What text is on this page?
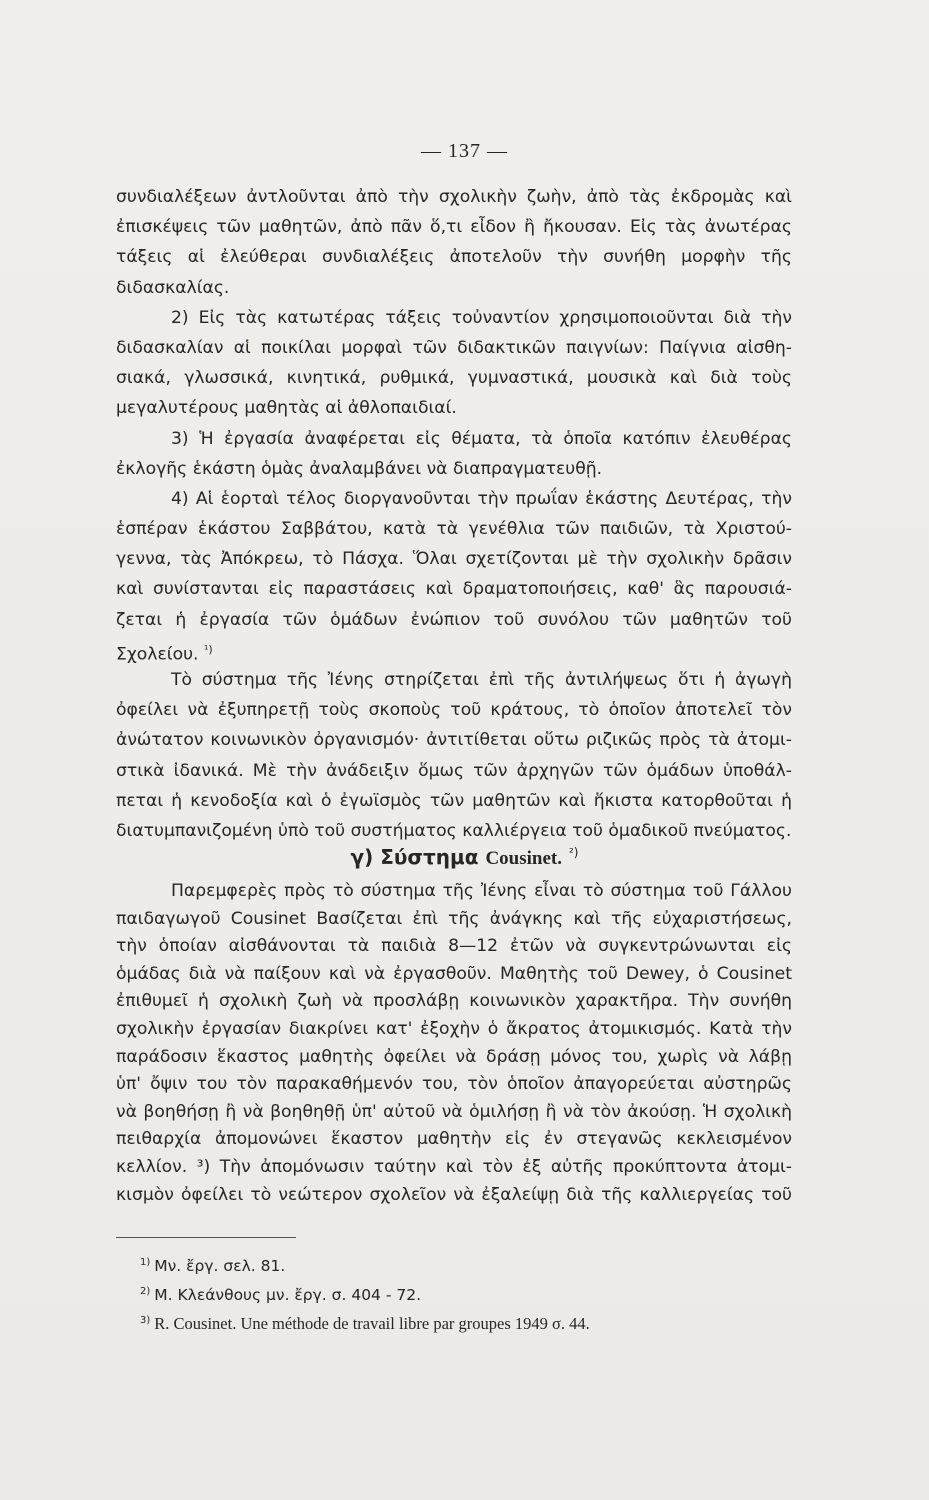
— 137 —
συνδιαλέξεων ἀντλοῦνται ἀπὸ τὴν σχολικὴν ζωὴν, ἀπὸ τὰς ἐκδρομὰς καὶ
ἐπισκέψεις τῶν μαθητῶν, ἀπὸ πᾶν ὅ,τι εἶδον ἢ ἤκουσαν. Εἰς τὰς ἀνωτέρας
τάξεις αἱ ἐλεύθεραι συνδιαλέξεις ἀποτελοῦν τὴν συνήθη μορφὴν τῆς
διδασκαλίας.
2) Εἰς τὰς κατωτέρας τάξεις τοὐναντίον χρησιμοποιοῦνται διὰ τὴν
διδασκαλίαν αἱ ποικίλαι μορφαὶ τῶν διδακτικῶν παιγνίων: Παίγνια αἰσθη-
σιακά, γλωσσικά, κινητικά, ρυθμικά, γυμναστικά, μουσικὰ καὶ διὰ τοὺς
μεγαλυτέρους μαθητὰς αἱ ἀθλοπαιδιαί.
3) Ἡ ἐργασία ἀναφέρεται εἰς θέματα, τὰ ὁποῖα κατόπιν ἐλευθέρας
ἐκλογῆς ἑκάστη ὁμὰς ἀναλαμβάνει νὰ διαπραγματευθῇ.
4) Αἱ ἑορταὶ τέλος διοργανοῦνται τὴν πρωΐαν ἑκάστης Δευτέρας, τὴν
ἑσπέραν ἑκάστου Σαββάτου, κατὰ τὰ γενέθλια τῶν παιδιῶν, τὰ Χριστού-
γεννα, τὰς Ἀπόκρεω, τὸ Πάσχα. Ὅλαι σχετίζονται μὲ τὴν σχολικὴν δρᾶσιν
καὶ συνίστανται εἰς παραστάσεις καὶ δραματοποιήσεις, καθ' ἃς παρουσιά-
ζεται ἡ ἐργασία τῶν ὁμάδων ἐνώπιον τοῦ συνόλου τῶν μαθητῶν τοῦ
Σχολείου. $^{^1)}$
Τὸ σύστημα τῆς Ἰένης στηρίζεται ἐπὶ τῆς ἀντιλήψεως ὅτι ἡ ἀγωγὴ
ὀφείλει νὰ ἐξυπηρετῇ τοὺς σκοποὺς τοῦ κράτους, τὸ ὁποῖον ἀποτελεῖ τὸν
ἀνώτατον κοινωνικὸν ὀργανισμόν· ἀντιτίθεται οὕτω ριζικῶς πρὸς τὰ ἀτομι-
στικὰ ἰδανικά. Μὲ τὴν ἀνάδειξιν ὅμως τῶν ἀρχηγῶν τῶν ὁμάδων ὑποθάλ-
πεται ἡ κενοδοξία καὶ ὁ ἐγωϊσμὸς τῶν μαθητῶν καὶ ἥκιστα κατορθοῦται ἡ
διατυμπανιζομένη ὑπὸ τοῦ συστήματος καλλιέργεια τοῦ ὁμαδικοῦ πνεύματος.
γ) Σύστημα Cousinet. $^{^2)}$
Παρεμφερὲς πρὸς τὸ σύστημα τῆς Ἰένης εἶναι τὸ σύστημα τοῦ Γάλλου
παιδαγωγοῦ Cousinet Βασίζεται ἐπὶ τῆς ἀνάγκης καὶ τῆς εὐχαριστήσεως,
τὴν ὁποίαν αἰσθάνονται τὰ παιδιὰ 8—12 ἐτῶν νὰ συγκεντρώνωνται εἰς
ὁμάδας διὰ νὰ παίξουν καὶ νὰ ἐργασθοῦν. Μαθητὴς τοῦ Dewey, ὁ Cousinet
ἐπιθυμεῖ ἡ σχολικὴ ζωὴ νὰ προσλάβῃ κοινωνικὸν χαρακτῆρα. Τὴν συνήθη
σχολικὴν ἐργασίαν διακρίνει κατ' ἐξοχὴν ὁ ἄκρατος ἀτομικισμός. Κατὰ τὴν
παράδοσιν ἕκαστος μαθητὴς ὀφείλει νὰ δράσῃ μόνος του, χωρὶς νὰ λάβῃ
ὑπ' ὄψιν του τὸν παρακαθήμενόν του, τὸν ὁποῖον ἀπαγορεύεται αὐστηρῶς
νὰ βοηθήσῃ ἢ νὰ βοηθηθῇ ὑπ' αὐτοῦ νὰ ὁμιλήσῃ ἢ νὰ τὸν ἀκούσῃ. Ἡ σχολικὴ
πειθαρχία ἀπομονώνει ἕκαστον μαθητὴν εἰς ἐν στεγανῶς κεκλεισμένον
κελλίον. ³) Τὴν ἀπομόνωσιν ταύτην καὶ τὸν ἐξ αὐτῆς προκύπτοντα ἀτομι-
κισμὸν ὀφείλει τὸ νεώτερον σχολεῖον νὰ ἐξαλείψῃ διὰ τῆς καλλιεργείας τοῦ
$^{1)}$ Μν. ἔργ. σελ. 81.
$^{2)}$ Μ. Κλεάνθους μν. ἔργ. σ. 404 - 72.
$^{3)}$ R. Cousinet. Une méthode de travail libre par groupes 1949 σ. 44.
